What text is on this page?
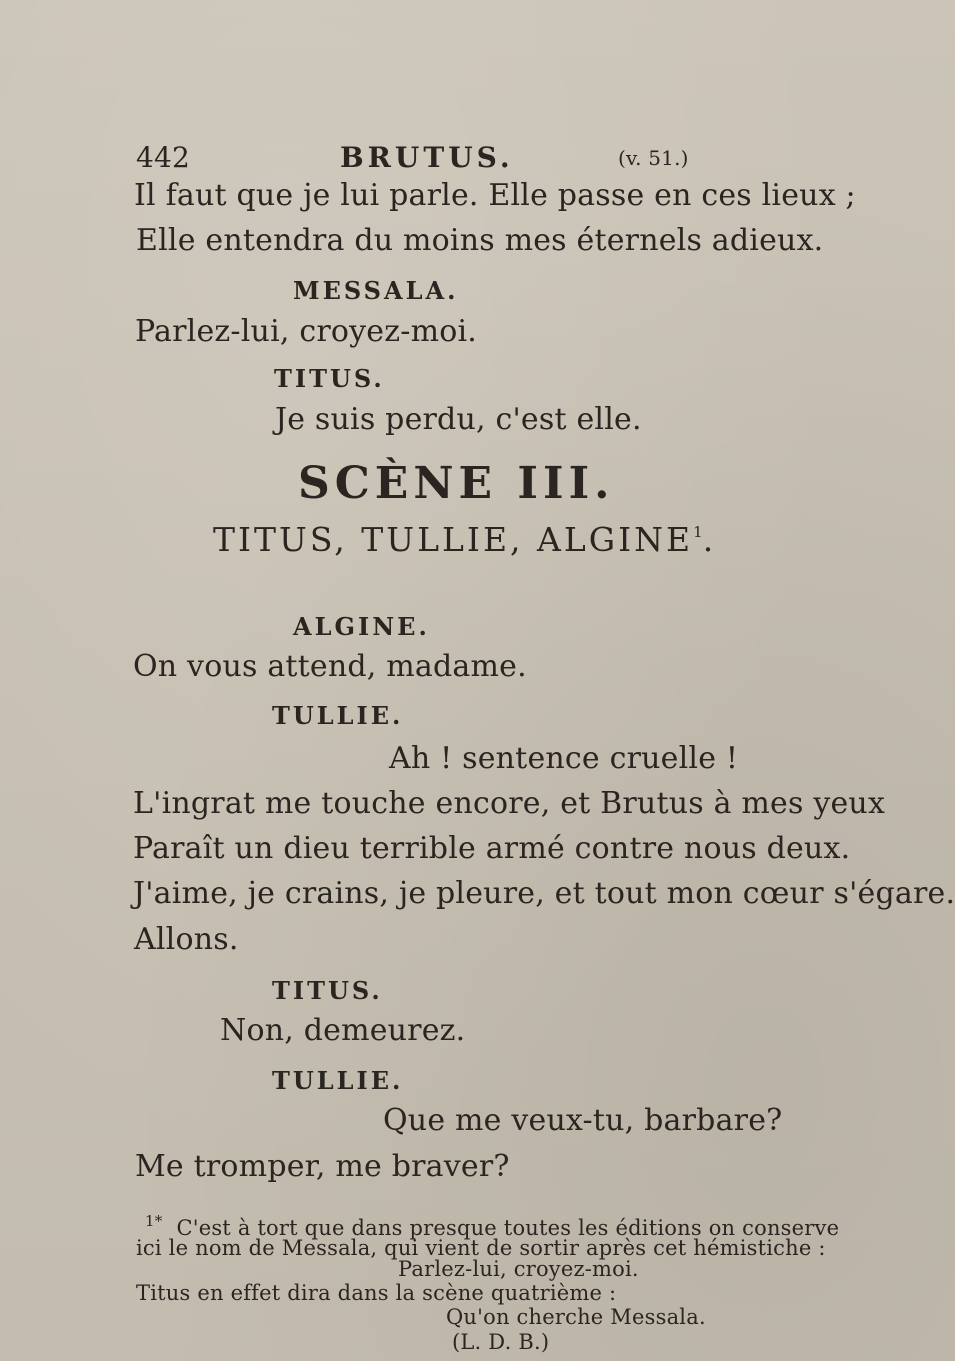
442	BRUTUS.	(v. 51.)
Il faut que je lui parle. Elle passe en ces lieux ;
Elle entendra du moins mes éternels adieux.
MESSALA.
Parlez-lui, croyez-moi.
TITUS.
Je suis perdu, c'est elle.
SCÈNE III.
TITUS, TULLIE, ALGINE$^1$.
ALGINE.
On vous attend, madame.
TULLIE.
Ah ! sentence cruelle !
L'ingrat me touche encore, et Brutus à mes yeux
Paraît un dieu terrible armé contre nous deux.
J'aime, je crains, je pleure, et tout mon cœur s'égare.
Allons.
TITUS.
Non, demeurez.
TULLIE.
Que me veux-tu, barbare?
Me tromper, me braver?
$^{1*}$ C'est à tort que dans presque toutes les éditions on conserve
ici le nom de Messala, qui vient de sortir après cet hémistiche :
Parlez-lui, croyez-moi.
Titus en effet dira dans la scène quatrième :
Qu'on cherche Messala.
(L. D. B.)
